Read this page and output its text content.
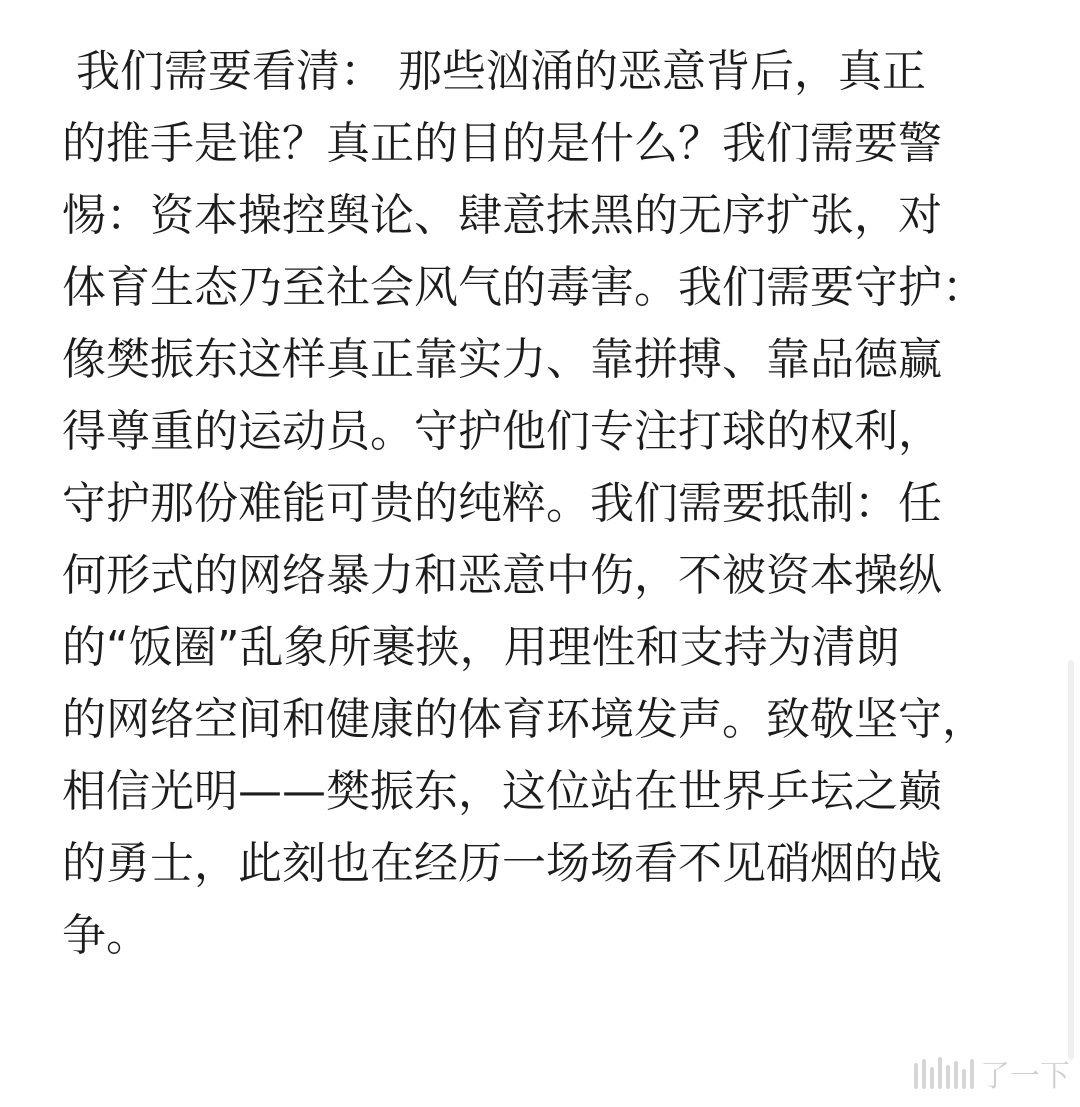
我们需要看清： 那些汹涌的恶意背后，真正
的推手是谁？真正的目的是什么？我们需要警
惕：资本操控舆论、肆意抹黑的无序扩张，对
体育生态乃至社会风气的毒害。我们需要守护：
像樊振东这样真正靠实力、靠拼搏、靠品德赢
得尊重的运动员。守护他们专注打球的权利，
守护那份难能可贵的纯粹。我们需要抵制：任
何形式的网络暴力和恶意中伤，不被资本操纵
的“饭圈”乱象所裹挟，用理性和支持为清朗
的网络空间和健康的体育环境发声。致敬坚守，
相信光明——樊振东，这位站在世界乒坛之巅
的勇士，此刻也在经历一场场看不见硝烟的战
争。
了一下
